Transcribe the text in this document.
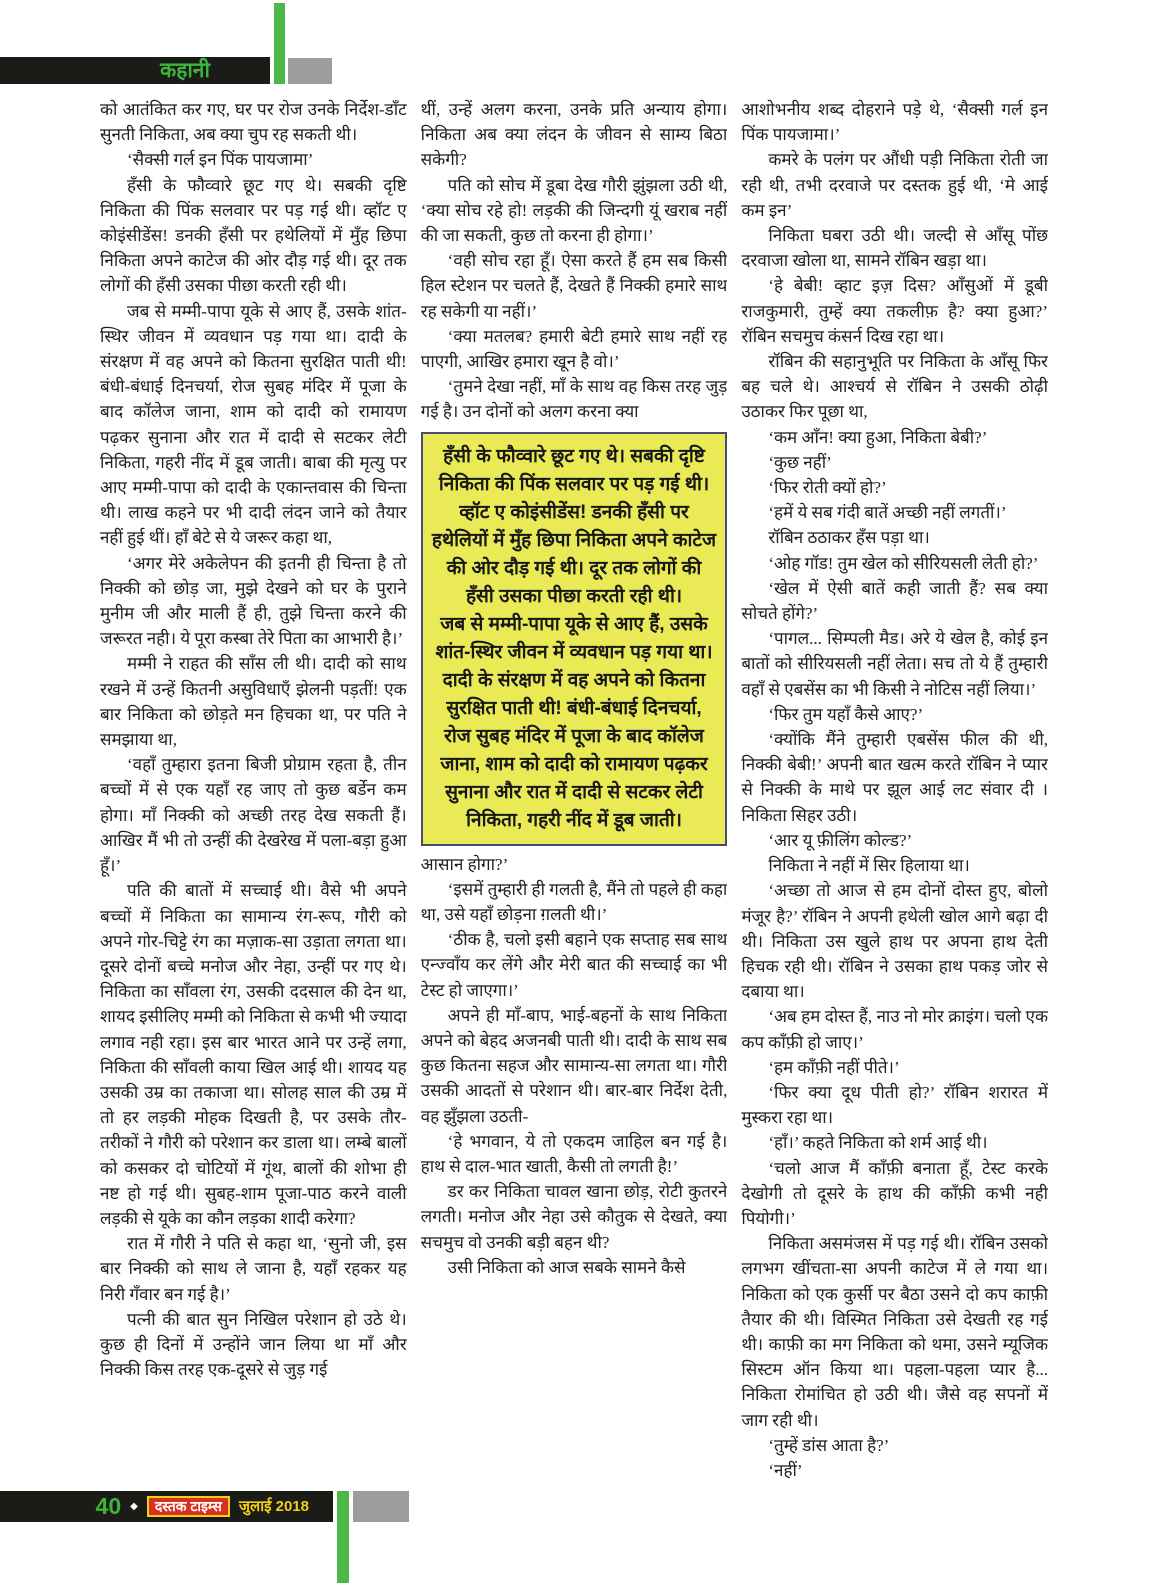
कहानी

को आतंकित कर गए, घर पर रोज उनके निर्देश-डाँट सुनती निकिता, अब क्या चुप रह सकती थी।

‘सैक्सी गर्ल इन पिंक पायजामा’

हँसी के फौव्वारे छूट गए थे। सबकी दृष्टि निकिता की पिंक सलवार पर पड़ गई थी। व्हॉट ए कोइंसीडेंस! डनकी हँसी पर हथेलियों में मुँह छिपा निकिता अपने काटेज की ओर दौड़ गई थी। दूर तक लोगों की हँसी उसका पीछा करती रही थी।

जब से मम्मी-पापा यूके से आए हैं, उसके शांत-स्थिर जीवन में व्यवधान पड़ गया था। दादी के संरक्षण में वह अपने को कितना सुरक्षित पाती थी! बंधी-बंधाई दिनचर्या, रोज सुबह मंदिर में पूजा के बाद कॉलेज जाना, शाम को दादी को रामायण पढ़कर सुनाना और रात में दादी से सटकर लेटी निकिता, गहरी नींद में डूब जाती। बाबा की मृत्यु पर आए मम्मी-पापा को दादी के एकान्तवास की चिन्ता थी। लाख कहने पर भी दादी लंदन जाने को तैयार नहीं हुई थीं। हाँ बेटे से ये जरूर कहा था,

‘अगर मेरे अकेलेपन की इतनी ही चिन्ता है तो निक्की को छोड़ जा, मुझे देखने को घर के पुराने मुनीम जी और माली हैं ही, तुझे चिन्ता करने की जरूरत नही। ये पूरा कस्बा तेरे पिता का आभारी है।’

मम्मी ने राहत की साँस ली थी। दादी को साथ रखने में उन्हें कितनी असुविधाएँ झेलनी पड़तीं! एक बार निकिता को छोड़ते मन हिचका था, पर पति ने समझाया था,

‘वहाँ तुम्हारा इतना बिजी प्रोग्राम रहता है, तीन बच्चों में से एक यहाँ रह जाए तो कुछ बर्डेन कम होगा। माँ निक्की को अच्छी तरह देख सकती हैं। आखिर मैं भी तो उन्हीं की देखरेख में पला-बड़ा हुआ हूँ।’

पति की बातों में सच्चाई थी। वैसे भी अपने बच्चों में निकिता का सामान्य रंग-रूप, गौरी को अपने गोर-चिट्टे रंग का मज़ाक-सा उड़ाता लगता था। दूसरे दोनों बच्चे मनोज और नेहा, उन्हीं पर गए थे। निकिता का साँवला रंग, उसकी ददसाल की देन था, शायद इसीलिए मम्मी को निकिता से कभी भी ज्यादा लगाव नही रहा। इस बार भारत आने पर उन्हें लगा, निकिता की साँवली काया खिल आई थी। शायद यह उसकी उम्र का तकाजा था। सोलह साल की उम्र में तो हर लड़की मोहक दिखती है, पर उसके तौर-तरीकों ने गौरी को परेशान कर डाला था। लम्बे बालों को कसकर दो चोटियों में गूंथ, बालों की शोभा ही नष्ट हो गई थी। सुबह-शाम पूजा-पाठ करने वाली लड़की से यूके का कौन लड़का शादी करेगा?

रात में गौरी ने पति से कहा था, ‘सुनो जी, इस बार निक्की को साथ ले जाना है, यहाँ रहकर यह निरी गँवार बन गई है।’

पत्नी की बात सुन निखिल परेशान हो उठे थे। कुछ ही दिनों में उन्होंने जान लिया था माँ और निक्की किस तरह एक-दूसरे से जुड़ गई

थीं, उन्हें अलग करना, उनके प्रति अन्याय होगा। निकिता अब क्या लंदन के जीवन से साम्य बिठा सकेगी?

पति को सोच में डूबा देख गौरी झुंझला उठी थी, ‘क्या सोच रहे हो! लड़की की जिन्दगी यूं खराब नहीं की जा सकती, कुछ तो करना ही होगा।’

‘वही सोच रहा हूँ। ऐसा करते हैं हम सब किसी हिल स्टेशन पर चलते हैं, देखते हैं निक्की हमारे साथ रह सकेगी या नहीं।’

‘क्या मतलब? हमारी बेटी हमारे साथ नहीं रह पाएगी, आखिर हमारा खून है वो।’

‘तुमने देखा नहीं, माँ के साथ वह किस तरह जुड़ गई है। उन दोनों को अलग करना क्या

हँसी के फौव्वारे छूट गए थे। सबकी दृष्टि निकिता की पिंक सलवार पर पड़ गई थी। व्हॉट ए कोइंसीडेंस! डनकी हँसी पर हथेलियों में मुँह छिपा निकिता अपने काटेज की ओर दौड़ गई थी। दूर तक लोगों की हँसी उसका पीछा करती रही थी।

जब से मम्मी-पापा यूके से आए हैं, उसके शांत-स्थिर जीवन में व्यवधान पड़ गया था। दादी के संरक्षण में वह अपने को कितना सुरक्षित पाती थी! बंधी-बंधाई दिनचर्या, रोज सुबह मंदिर में पूजा के बाद कॉलेज जाना, शाम को दादी को रामायण पढ़कर सुनाना और रात में दादी से सटकर लेटी निकिता, गहरी नींद में डूब जाती।

आसान होगा?’

‘इसमें तुम्हारी ही गलती है, मैंने तो पहले ही कहा था, उसे यहाँ छोड़ना ग़लती थी।’

‘ठीक है, चलो इसी बहाने एक सप्ताह सब साथ एन्ज्वाँय कर लेंगे और मेरी बात की सच्चाई का भी टेस्ट हो जाएगा।’

अपने ही माँ-बाप, भाई-बहनों के साथ निकिता अपने को बेहद अजनबी पाती थी। दादी के साथ सब कुछ कितना सहज और सामान्य-सा लगता था। गौरी उसकी आदतों से परेशान थी। बार-बार निर्देश देती, वह झुँझला उठती-

‘हे भगवान, ये तो एकदम जाहिल बन गई है। हाथ से दाल-भात खाती, कैसी तो लगती है!’

डर कर निकिता चावल खाना छोड़, रोटी कुतरने लगती। मनोज और नेहा उसे कौतुक से देखते, क्या सचमुच वो उनकी बड़ी बहन थी?

उसी निकिता को आज सबके सामने कैसे

आशोभनीय शब्द दोहराने पड़े थे, ‘सैक्सी गर्ल इन पिंक पायजामा।’

कमरे के पलंग पर औंधी पड़ी निकिता रोती जा रही थी, तभी दरवाजे पर दस्तक हुई थी, ‘मे आई कम इन’

निकिता घबरा उठी थी। जल्दी से आँसू पोंछ दरवाजा खोला था, सामने रॉबिन खड़ा था।

‘हे बेबी! व्हाट इज़ दिस? आँसुओं में डूबी राजकुमारी, तुम्हें क्या तकलीफ़ है? क्या हुआ?’ रॉबिन सचमुच कंसर्न दिख रहा था।

रॉबिन की सहानुभूति पर निकिता के आँसू फिर बह चले थे। आश्चर्य से रॉबिन ने उसकी ठोढ़ी उठाकर फिर पूछा था,

‘कम आँन! क्या हुआ, निकिता बेबी?’

‘कुछ नहीं’

‘फिर रोती क्यों हो?’

‘हमें ये सब गंदी बातें अच्छी नहीं लगतीं।’

रॉबिन ठठाकर हँस पड़ा था।

‘ओह गॉड! तुम खेल को सीरियसली लेती हो?’

‘खेल में ऐसी बातें कही जाती हैं? सब क्या सोचते होंगे?’

‘पागल... सिम्पली मैड। अरे ये खेल है, कोई इन बातों को सीरियसली नहीं लेता। सच तो ये हैं तुम्हारी वहाँ से एबसेंस का भी किसी ने नोटिस नहीं लिया।’

‘फिर तुम यहाँ कैसे आए?’

‘क्योंकि मैंने तुम्हारी एबसेंस फील की थी, निक्की बेबी!’ अपनी बात खत्म करते रॉबिन ने प्यार से निक्की के माथे पर झूल आई लट संवार दी । निकिता सिहर उठी।

‘आर यू फ़ीलिंग कोल्ड?’

निकिता ने नहीं में सिर हिलाया था।

‘अच्छा तो आज से हम दोनों दोस्त हुए, बोलो मंजूर है?’ रॉबिन ने अपनी हथेली खोल आगे बढ़ा दी थी। निकिता उस खुले हाथ पर अपना हाथ देती हिचक रही थी। रॉबिन ने उसका हाथ पकड़ जोर से दबाया था।

‘अब हम दोस्त हैं, नाउ नो मोर क्राइंग। चलो एक कप काँफ़ी हो जाए।’

‘हम काँफ़ी नहीं पीते।’

‘फिर क्या दूध पीती हो?’ रॉबिन शरारत में मुस्करा रहा था।

‘हाँ।’ कहते निकिता को शर्म आई थी।

‘चलो आज मैं काँफ़ी बनाता हूँ, टेस्ट करके देखोगी तो दूसरे के हाथ की काँफ़ी कभी नही पियोगी।’

निकिता असमंजस में पड़ गई थी। रॉबिन उसको लगभग खींचता-सा अपनी काटेज में ले गया था। निकिता को एक कुर्सी पर बैठा उसने दो कप काफ़ी तैयार की थी। विस्मित निकिता उसे देखती रह गई थी। काफ़ी का मग निकिता को थमा, उसने म्यूजिक सिस्टम ऑन किया था। पहला-पहला प्यार है... निकिता रोमांचित हो उठी थी। जैसे वह सपनों में जाग रही थी।

‘तुम्हें डांस आता है?’

‘नहीं’

40 ◆	दस्तक टाइम्स	जुलाई 2018
